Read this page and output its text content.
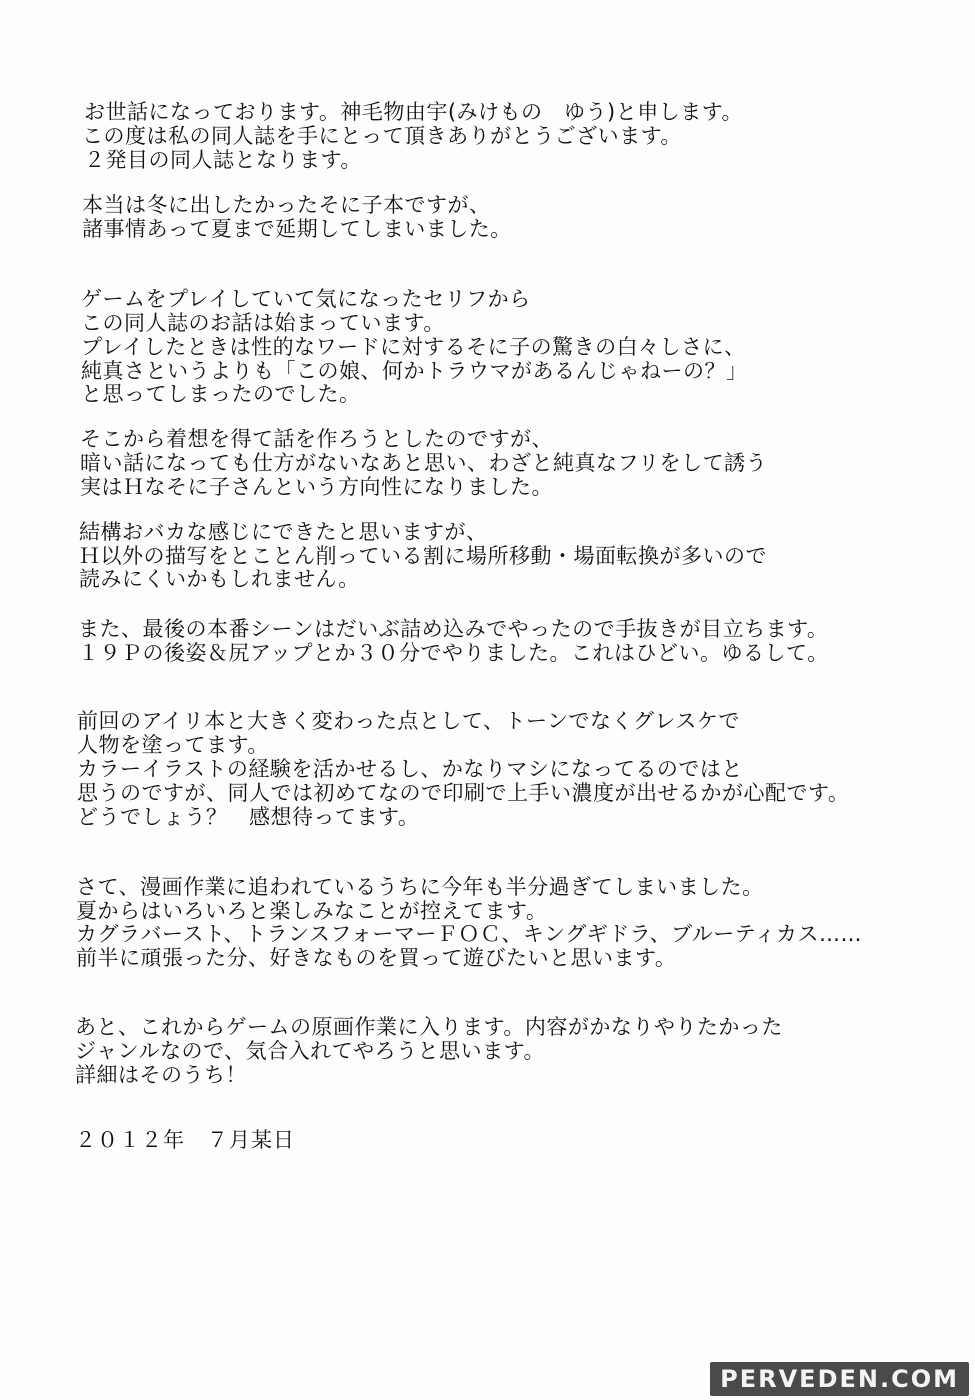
お世話になっております。神毛物由宇(みけもの　ゆう)と申します。
この度は私の同人誌を手にとって頂きありがとうございます。
２発目の同人誌となります。
本当は冬に出したかったそに子本ですが、
諸事情あって夏まで延期してしまいました。
ゲームをプレイしていて気になったセリフから
この同人誌のお話は始まっています。
プレイしたときは性的なワードに対するそに子の驚きの白々しさに、
純真さというよりも「この娘、何かトラウマがあるんじゃねーの？」
と思ってしまったのでした。
そこから着想を得て話を作ろうとしたのですが、
暗い話になっても仕方がないなあと思い、わざと純真なフリをして誘う
実はＨなそに子さんという方向性になりました。
結構おバカな感じにできたと思いますが、
Ｈ以外の描写をとことん削っている割に場所移動・場面転換が多いので
読みにくいかもしれません。
また、最後の本番シーンはだいぶ詰め込みでやったので手抜きが目立ちます。
１９Ｐの後姿＆尻アップとか３０分でやりました。これはひどい。ゆるして。
前回のアイリ本と大きく変わった点として、トーンでなくグレスケで
人物を塗ってます。
カラーイラストの経験を活かせるし、かなりマシになってるのではと
思うのですが、同人では初めてなので印刷で上手い濃度が出せるかが心配です。
どうでしょう？　感想待ってます。
さて、漫画作業に追われているうちに今年も半分過ぎてしまいました。
夏からはいろいろと楽しみなことが控えてます。
カグラバースト、トランスフォーマーＦＯＣ、キングギドラ、ブルーティカス……
前半に頑張った分、好きなものを買って遊びたいと思います。
あと、これからゲームの原画作業に入ります。内容がかなりやりたかった
ジャンルなので、気合入れてやろうと思います。
詳細はそのうち！
２０１２年　７月某日
PERVEDEN.COM
